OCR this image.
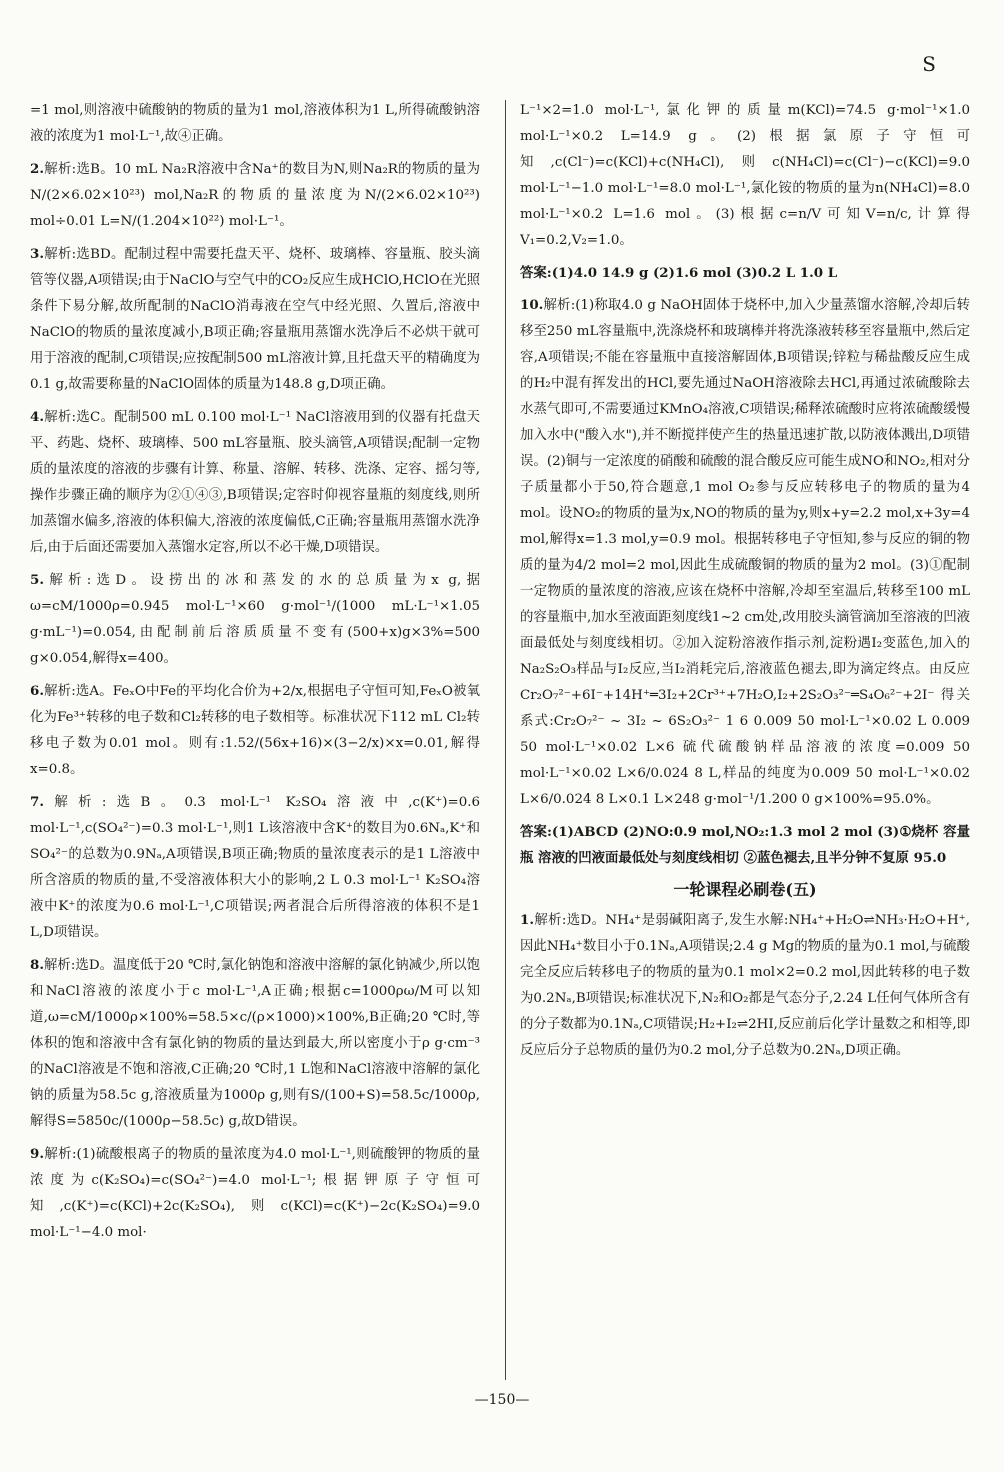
S

=1 mol,则溶液中硫酸钠的物质的量为1 mol,溶液体积为1 L,所得硫酸钠溶液的浓度为1 mol·L⁻¹,故④正确。

2.解析:选B。10 mL Na₂R溶液中含Na⁺的数目为N,则Na₂R的物质的量为N/(2×6.02×10²³) mol,Na₂R的物质的量浓度为N/(2×6.02×10²³) mol÷0.01 L=N/(1.204×10²²) mol·L⁻¹。
3.解析:选BD。配制过程中需要托盘天平、烧杯、玻璃棒、容量瓶、胶头滴管等仪器,A项错误;由于NaClO与空气中的CO₂反应生成HClO,HClO在光照条件下易分解,故所配制的NaClO消毒液在空气中经光照、久置后,溶液中NaClO的物质的量浓度减小,B项正确;容量瓶用蒸馏水洗净后不必烘干就可用于溶液的配制,C项错误;应按配制500 mL溶液计算,且托盘天平的精确度为0.1 g,故需要称量的NaClO固体的质量为148.8 g,D项正确。
4.解析:选C。配制500 mL 0.100 mol·L⁻¹ NaCl溶液用到的仪器有托盘天平、药匙、烧杯、玻璃棒、500 mL容量瓶、胶头滴管,A项错误;配制一定物质的量浓度的溶液的步骤有计算、称量、溶解、转移、洗涤、定容、摇匀等,操作步骤正确的顺序为②①④③,B项错误;定容时仰视容量瓶的刻度线,则所加蒸馏水偏多,溶液的体积偏大,溶液的浓度偏低,C正确;容量瓶用蒸馏水洗净后,由于后面还需要加入蒸馏水定容,所以不必干燥,D项错误。
5.解析:选D。设捞出的冰和蒸发的水的总质量为x g,据ω=cM/1000ρ=0.945 mol·L⁻¹×60 g·mol⁻¹/(1000 mL·L⁻¹×1.05 g·mL⁻¹)=0.054,由配制前后溶质质量不变有(500+x)g×3%=500 g×0.054,解得x=400。
6.解析:选A。FeₓO中Fe的平均化合价为+2/x,根据电子守恒可知,FeₓO被氧化为Fe³⁺转移的电子数和Cl₂转移的电子数相等。标准状况下112 mL Cl₂转移电子数为0.01 mol。则有:1.52/(56x+16)×(3−2/x)×x=0.01,解得x=0.8。
7.解析:选B。0.3 mol·L⁻¹ K₂SO₄溶液中,c(K⁺)=0.6 mol·L⁻¹,c(SO₄²⁻)=0.3 mol·L⁻¹,则1 L该溶液中含K⁺的数目为0.6Nₐ,K⁺和SO₄²⁻的总数为0.9Nₐ,A项错误,B项正确;物质的量浓度表示的是1 L溶液中所含溶质的物质的量,不受溶液体积大小的影响,2 L 0.3 mol·L⁻¹ K₂SO₄溶液中K⁺的浓度为0.6 mol·L⁻¹,C项错误;两者混合后所得溶液的体积不是1 L,D项错误。
8.解析:选D。温度低于20 ℃时,氯化钠饱和溶液中溶解的氯化钠减少,所以饱和NaCl溶液的浓度小于c mol·L⁻¹,A正确;根据c=1000ρω/M可以知道,ω=cM/1000ρ×100%=58.5×c/(ρ×1000)×100%,B正确;20 ℃时,等体积的饱和溶液中含有氯化钠的物质的量达到最大,所以密度小于ρ g·cm⁻³的NaCl溶液是不饱和溶液,C正确;20 ℃时,1 L饱和NaCl溶液中溶解的氯化钠的质量为58.5c g,溶液质量为1000ρ g,则有S/(100+S)=58.5c/1000ρ,解得S=5850c/(1000ρ−58.5c) g,故D错误。
9.解析:(1)硫酸根离子的物质的量浓度为4.0 mol·L⁻¹,则硫酸钾的物质的量浓度为c(K₂SO₄)=c(SO₄²⁻)=4.0 mol·L⁻¹;根据钾原子守恒可知,c(K⁺)=c(KCl)+2c(K₂SO₄),则c(KCl)=c(K⁺)−2c(K₂SO₄)=9.0 mol·L⁻¹−4.0 mol·

L⁻¹×2=1.0 mol·L⁻¹,氯化钾的质量m(KCl)=74.5 g·mol⁻¹×1.0 mol·L⁻¹×0.2 L=14.9 g。(2)根据氯原子守恒可知,c(Cl⁻)=c(KCl)+c(NH₄Cl),则c(NH₄Cl)=c(Cl⁻)−c(KCl)=9.0 mol·L⁻¹−1.0 mol·L⁻¹=8.0 mol·L⁻¹,氯化铵的物质的量为n(NH₄Cl)=8.0 mol·L⁻¹×0.2 L=1.6 mol。(3)根据c=n/V可知V=n/c,计算得V₁=0.2,V₂=1.0。

答案:(1)4.0 14.9 g (2)1.6 mol (3)0.2 L 1.0 L

10.解析:(1)称取4.0 g NaOH固体于烧杯中,加入少量蒸馏水溶解,冷却后转移至250 mL容量瓶中,洗涤烧杯和玻璃棒并将洗涤液转移至容量瓶中,然后定容,A项错误;不能在容量瓶中直接溶解固体,B项错误;锌粒与稀盐酸反应生成的H₂中混有挥发出的HCl,要先通过NaOH溶液除去HCl,再通过浓硫酸除去水蒸气即可,不需要通过KMnO₄溶液,C项错误;稀释浓硫酸时应将浓硫酸缓慢加入水中("酸入水"),并不断搅拌使产生的热量迅速扩散,以防液体溅出,D项错误。(2)铜与一定浓度的硝酸和硫酸的混合酸反应可能生成NO和NO₂,相对分子质量都小于50,符合题意,1 mol O₂参与反应转移电子的物质的量为4 mol。设NO₂的物质的量为x,NO的物质的量为y,则x+y=2.2 mol,x+3y=4 mol,解得x=1.3 mol,y=0.9 mol。根据转移电子守恒知,参与反应的铜的物质的量为4/2 mol=2 mol,因此生成硫酸铜的物质的量为2 mol。(3)①配制一定物质的量浓度的溶液,应该在烧杯中溶解,冷却至室温后,转移至100 mL的容量瓶中,加水至液面距刻度线1~2 cm处,改用胶头滴管滴加至溶液的凹液面最低处与刻度线相切。②加入淀粉溶液作指示剂,淀粉遇I₂变蓝色,加入的Na₂S₂O₃样品与I₂反应,当I₂消耗完后,溶液蓝色褪去,即为滴定终点。由反应Cr₂O₇²⁻+6I⁻+14H⁺═3I₂+2Cr³⁺+7H₂O,I₂+2S₂O₃²⁻═S₄O₆²⁻+2I⁻ 得关系式:Cr₂O₇²⁻ ~ 3I₂ ~ 6S₂O₃²⁻ 1 6 0.009 50 mol·L⁻¹×0.02 L 0.009 50 mol·L⁻¹×0.02 L×6 硫代硫酸钠样品溶液的浓度=0.009 50 mol·L⁻¹×0.02 L×6/0.024 8 L,样品的纯度为0.009 50 mol·L⁻¹×0.02 L×6/0.024 8 L×0.1 L×248 g·mol⁻¹/1.200 0 g×100%=95.0%。

答案:(1)ABCD (2)NO:0.9 mol,NO₂:1.3 mol 2 mol (3)①烧杯 容量瓶 溶液的凹液面最低处与刻度线相切 ②蓝色褪去,且半分钟不复原 95.0

一轮课程必刷卷(五)
1.解析:选D。NH₄⁺是弱碱阳离子,发生水解:NH₄⁺+H₂O⇌NH₃·H₂O+H⁺,因此NH₄⁺数目小于0.1Nₐ,A项错误;2.4 g Mg的物质的量为0.1 mol,与硫酸完全反应后转移电子的物质的量为0.1 mol×2=0.2 mol,因此转移的电子数为0.2Nₐ,B项错误;标准状况下,N₂和O₂都是气态分子,2.24 L任何气体所含有的分子数都为0.1Nₐ,C项错误;H₂+I₂⇌2HI,反应前后化学计量数之和相等,即反应后分子总物质的量仍为0.2 mol,分子总数为0.2Nₐ,D项正确。
—150—
